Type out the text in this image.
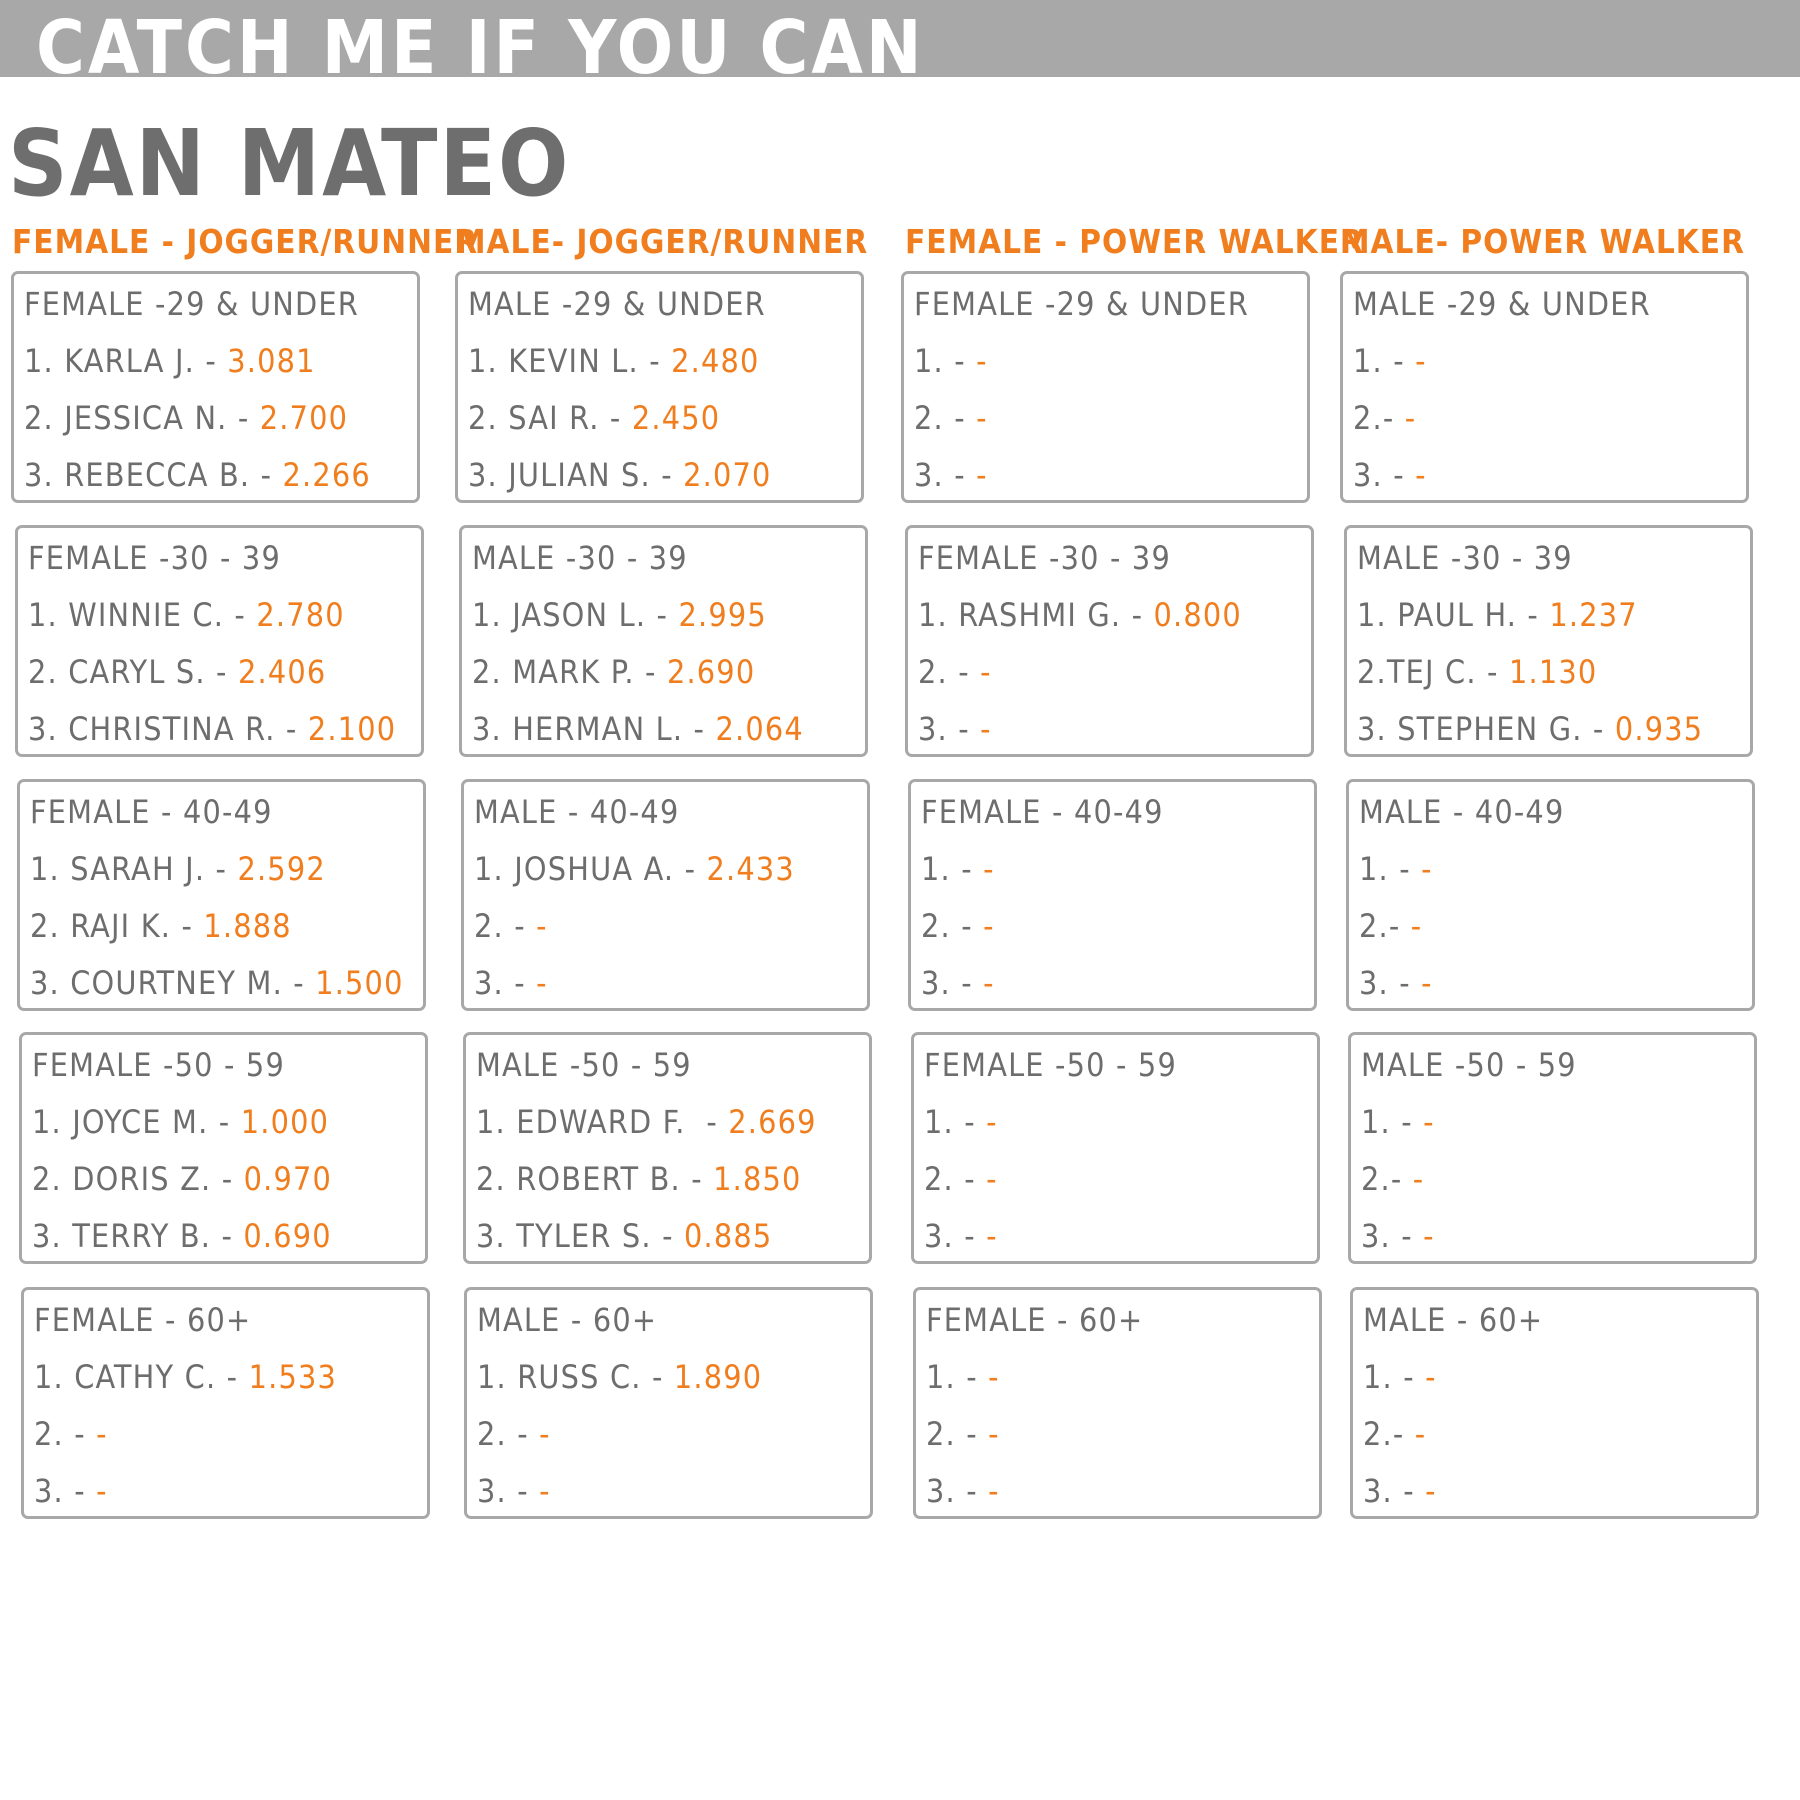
CATCH ME IF YOU CAN
SAN MATEO
FEMALE - JOGGER/RUNNER
FEMALE -29 & UNDER
1. KARLA J. - 3.081
2. JESSICA N. - 2.700
3. REBECCA B. - 2.266
FEMALE -30 - 39
1. WINNIE C. - 2.780
2. CARYL S. - 2.406
3. CHRISTINA R. - 2.100
FEMALE - 40-49
1. SARAH J. - 2.592
2. RAJI K. - 1.888
3. COURTNEY M. - 1.500
FEMALE -50 - 59
1. JOYCE M. - 1.000
2. DORIS Z. - 0.970
3. TERRY B. - 0.690
FEMALE - 60+
1. CATHY C. - 1.533
2. - -
3. - -
MALE- JOGGER/RUNNER
MALE -29 & UNDER
1. KEVIN L. - 2.480
2. SAI R. - 2.450
3. JULIAN S. - 2.070
MALE -30 - 39
1. JASON L. - 2.995
2. MARK P. - 2.690
3. HERMAN L. - 2.064
MALE - 40-49
1. JOSHUA A. - 2.433
2. - -
3. - -
MALE -50 - 59
1. EDWARD F.  - 2.669
2. ROBERT B. - 1.850
3. TYLER S. - 0.885
MALE - 60+
1. RUSS C. - 1.890
2. - -
3. - -
FEMALE - POWER WALKER
FEMALE -29 & UNDER
1. - -
2. - -
3. - -
FEMALE -30 - 39
1. RASHMI G. - 0.800
2. - -
3. - -
FEMALE - 40-49
1. - -
2. - -
3. - -
FEMALE -50 - 59
1. - -
2. - -
3. - -
FEMALE - 60+
1. - -
2. - -
3. - -
MALE- POWER WALKER
MALE -29 & UNDER
1. - -
2.- -
3. - -
MALE -30 - 39
1. PAUL H. - 1.237
2.TEJ C. - 1.130
3. STEPHEN G. - 0.935
MALE - 40-49
1. - -
2.- -
3. - -
MALE -50 - 59
1. - -
2.- -
3. - -
MALE - 60+
1. - -
2.- -
3. - -
